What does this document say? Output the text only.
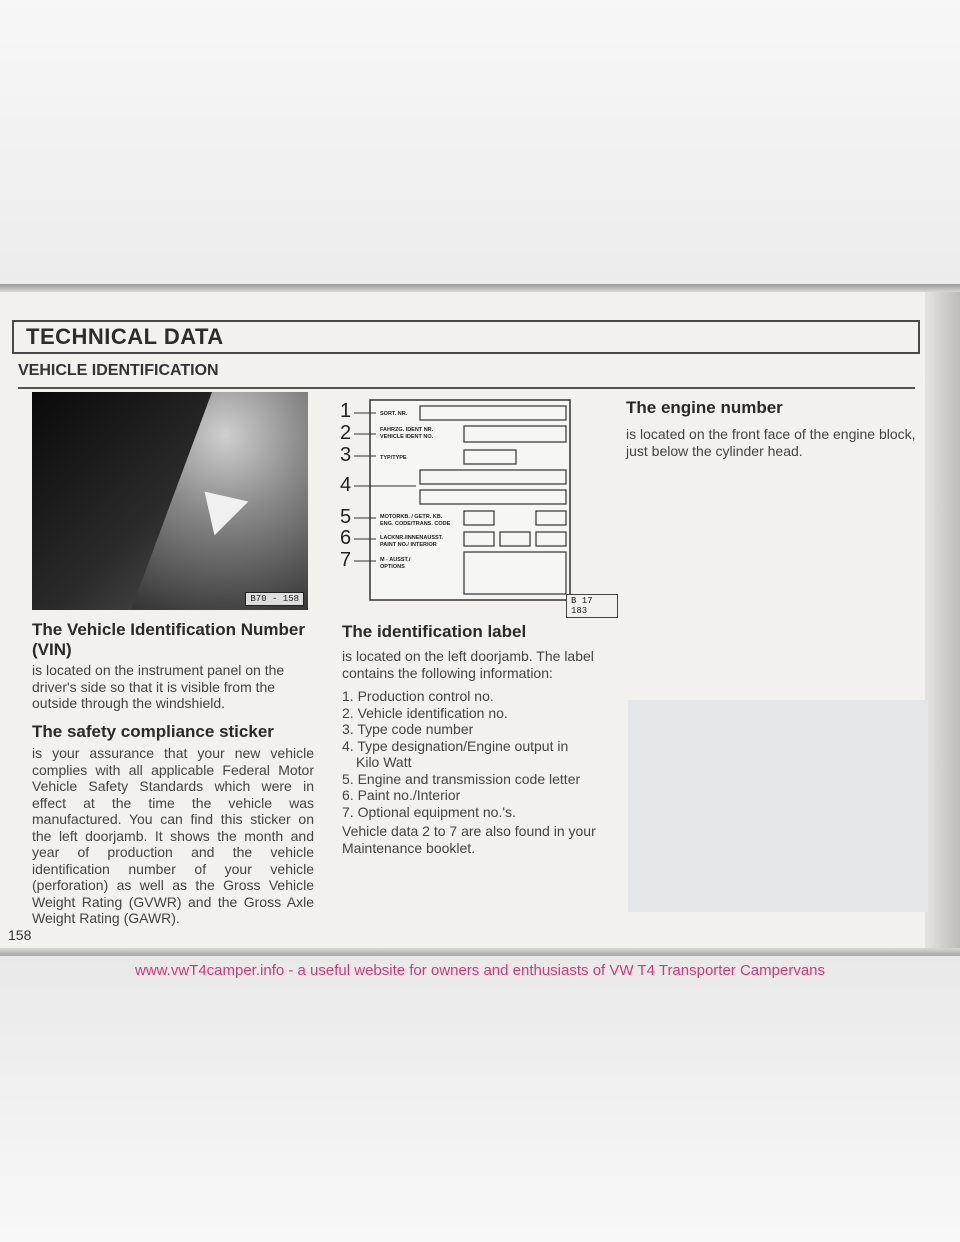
TECHNICAL DATA
VEHICLE IDENTIFICATION
B70 - 158
SORT. NR.
FAHRZG. IDENT NR.
VEHICLE IDENT NO.
TYP/TYPE
MOTORKB. / GETR. KB.
ENG. CODE/TRANS. CODE
LACKNR./INNENAUSST.
PAINT NO./ INTERIOR
M - AUSST./
OPTIONS
1
2
3
4
5
6
7
B 17 183
The Vehicle Identification Number (VIN)
is located on the instrument panel on the driver's side so that it is visible from the outside through the windshield.
The safety compliance sticker
is your assurance that your new vehicle complies with all applicable Federal Motor Vehicle Safety Standards which were in effect at the time the vehicle was manufactured. You can find this sticker on the left doorjamb. It shows the month and year of production and the vehicle identification number of your vehicle (perforation) as well as the Gross Vehicle Weight Rating (GVWR) and the Gross Axle Weight Rating (GAWR).
The identification label
is located on the left doorjamb. The label contains the following information:
1. Production control no.
2. Vehicle identification no.
3. Type code number
4. Type designation/Engine output in
Kilo Watt
5. Engine and transmission code letter
6. Paint no./Interior
7. Optional equipment no.'s.
Vehicle data 2 to 7 are also found in your Maintenance booklet.
The engine number
is located on the front face of the engine block, just below the cylinder head.
158
www.vwT4camper.info - a useful website for owners and enthusiasts of VW T4 Transporter Campervans
